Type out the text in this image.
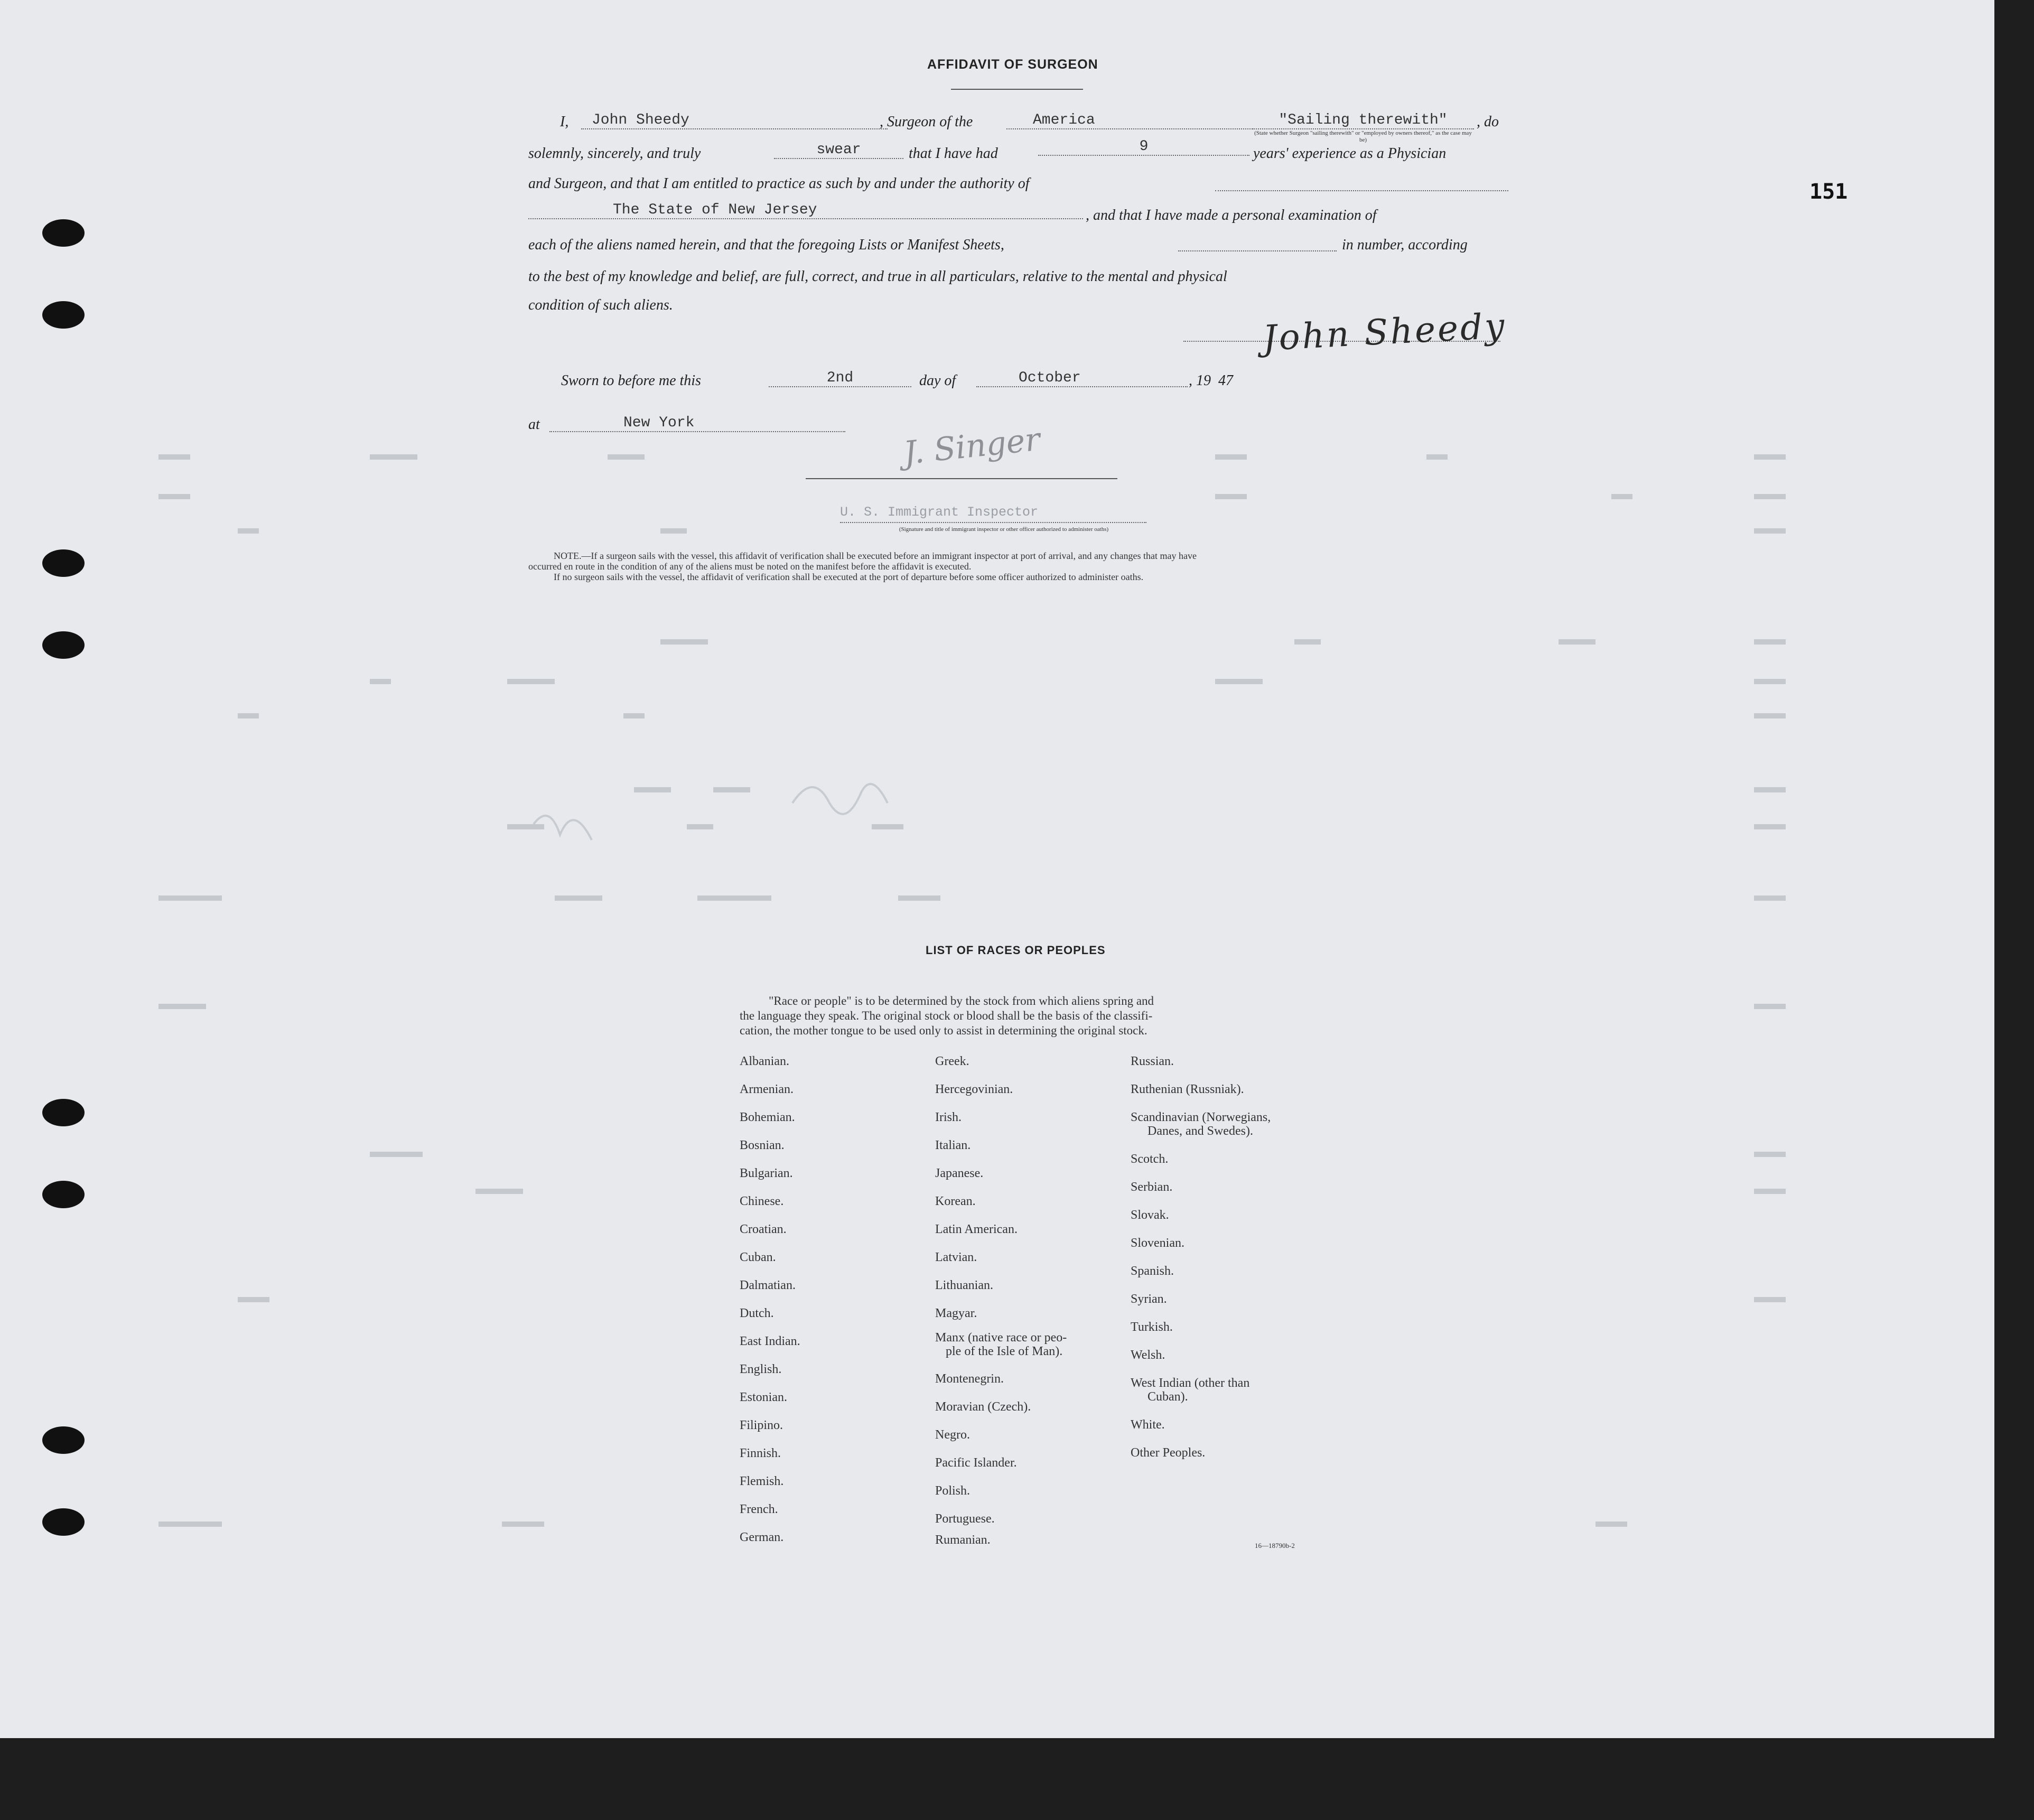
151
AFFIDAVIT OF SURGEON
I,	John Sheedy	, Surgeon of the	America	"Sailing therewith"
(State whether Surgeon "sailing therewith" or "employed by owners thereof," as the case may be)
, do
solemnly, sincerely, and truly	swear	that I have had	9	years' experience as a Physician
and Surgeon, and that I am entitled to practice as such by and under the authority of
The State of New Jersey	, and that I have made a personal examination of
each of the aliens named herein, and that the foregoing Lists or Manifest Sheets,	in number, according
to the best of my knowledge and belief, are full, correct, and true in all particulars, relative to the mental and physical
condition of such aliens.
John Sheedy
Sworn to before me this	2nd	day of	October	, 19 47
at	New York	J. Singer
U. S. Immigrant Inspector
(Signature and title of immigrant inspector or other officer authorized to administer oaths)
NOTE.—If a surgeon sails with the vessel, this affidavit of verification shall be executed before an immigrant inspector at port of arrival, and any changes that may have
occurred en route in the condition of any of the aliens must be noted on the manifest before the affidavit is executed.
If no surgeon sails with the vessel, the affidavit of verification shall be executed at the port of departure before some officer authorized to administer oaths.
LIST OF RACES OR PEOPLES
"Race or people" is to be determined by the stock from which aliens spring and
the language they speak. The original stock or blood shall be the basis of the classifi-
cation, the mother tongue to be used only to assist in determining the original stock.
Albanian.
Armenian.
Bohemian.
Bosnian.
Bulgarian.
Chinese.
Croatian.
Cuban.
Dalmatian.
Dutch.
East Indian.
English.
Estonian.
Filipino.
Finnish.
Flemish.
French.
German.
Greek.
Hercegovinian.
Irish.
Italian.
Japanese.
Korean.
Latin American.
Latvian.
Lithuanian.
Magyar.
Manx (native race or peo-
ple of the Isle of Man).
Montenegrin.
Moravian (Czech).
Negro.
Pacific Islander.
Polish.
Portuguese.
Rumanian.
Russian.
Ruthenian (Russniak).
Scandinavian (Norwegians,
Danes, and Swedes).
Scotch.
Serbian.
Slovak.
Slovenian.
Spanish.
Syrian.
Turkish.
Welsh.
West Indian (other than
Cuban).
White.
Other Peoples.
16—18790b-2
